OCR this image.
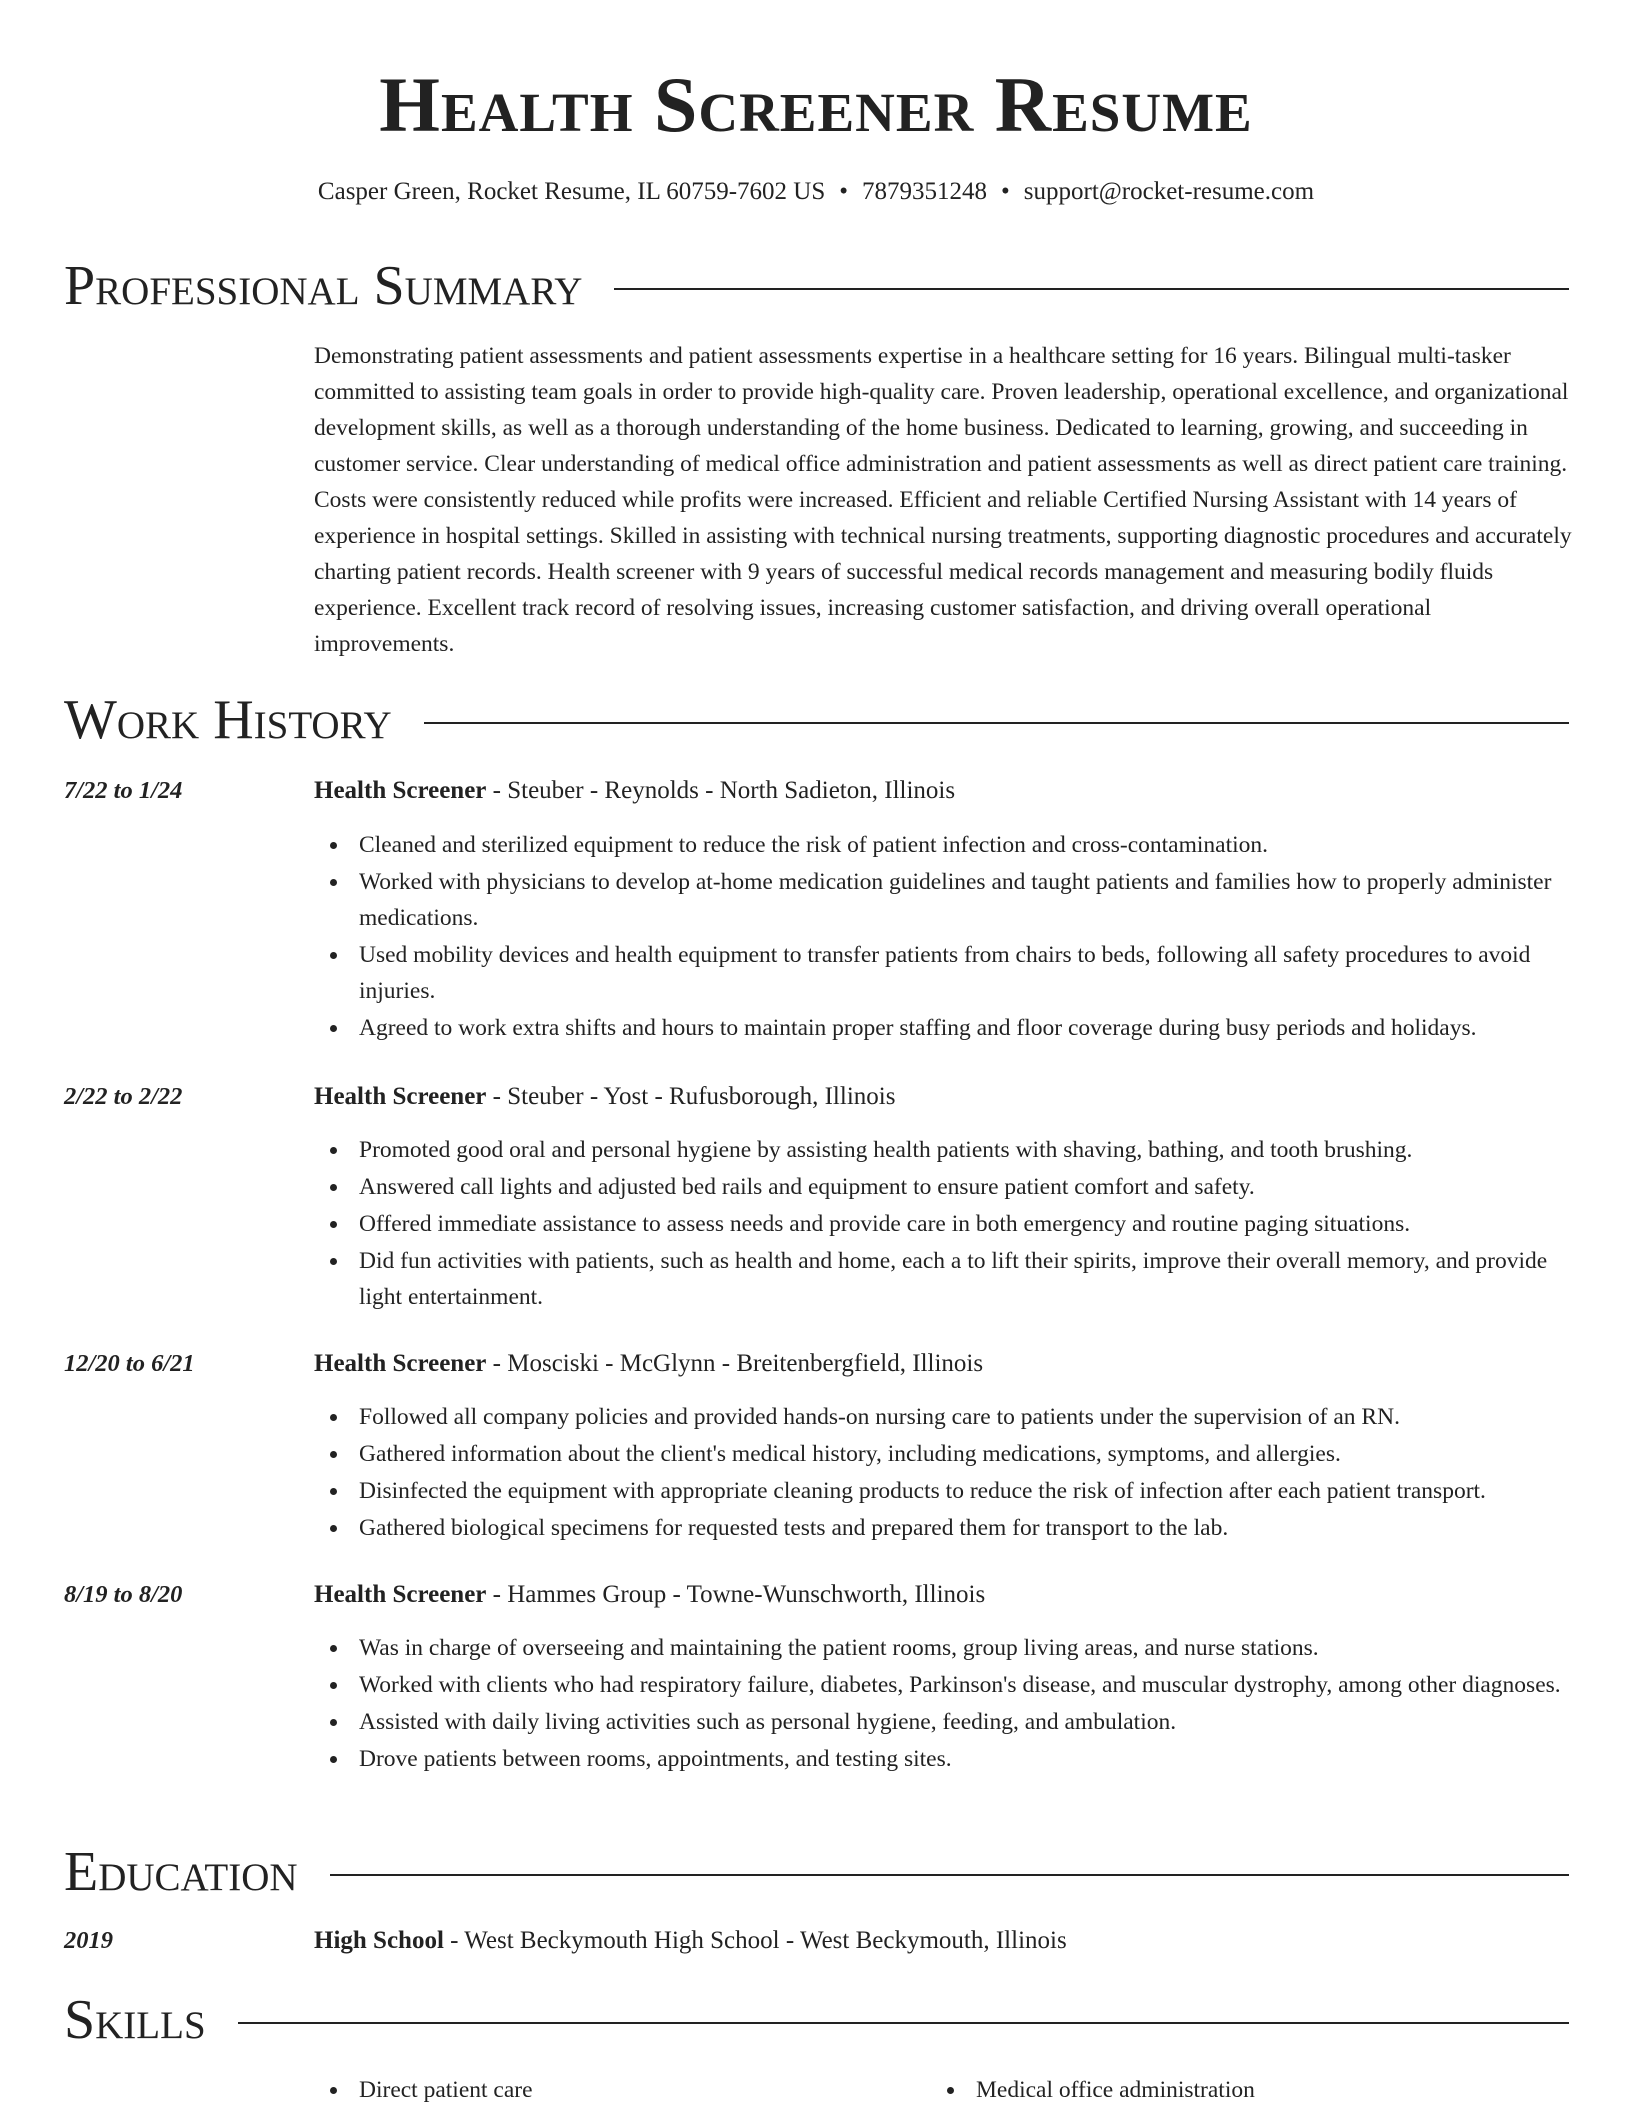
Health Screener Resume
Casper Green, Rocket Resume, IL 60759-7602 US • 7879351248 • support@rocket-resume.com
Professional Summary

Demonstrating patient assessments and patient assessments expertise in a healthcare setting for 16 years. Bilingual multi-tasker committed to assisting team goals in order to provide high-quality care. Proven leadership, operational excellence, and organizational development skills, as well as a thorough understanding of the home business. Dedicated to learning, growing, and succeeding in customer service. Clear understanding of medical office administration and patient assessments as well as direct patient care training. Costs were consistently reduced while profits were increased. Efficient and reliable Certified Nursing Assistant with 14 years of experience in hospital settings. Skilled in assisting with technical nursing treatments, supporting diagnostic procedures and accurately charting patient records. Health screener with 9 years of successful medical records management and measuring bodily fluids experience. Excellent track record of resolving issues, increasing customer satisfaction, and driving overall operational improvements.

Work History
7/22 to 1/24	Health Screener - Steuber - Reynolds - North Sadieton, Illinois
Cleaned and sterilized equipment to reduce the risk of patient infection and cross-contamination.
Worked with physicians to develop at-home medication guidelines and taught patients and families how to properly administer medications.
Used mobility devices and health equipment to transfer patients from chairs to beds, following all safety procedures to avoid injuries.
Agreed to work extra shifts and hours to maintain proper staffing and floor coverage during busy periods and holidays.
2/22 to 2/22	Health Screener - Steuber - Yost - Rufusborough, Illinois
Promoted good oral and personal hygiene by assisting health patients with shaving, bathing, and tooth brushing.
Answered call lights and adjusted bed rails and equipment to ensure patient comfort and safety.
Offered immediate assistance to assess needs and provide care in both emergency and routine paging situations.
Did fun activities with patients, such as health and home, each a to lift their spirits, improve their overall memory, and provide light entertainment.
12/20 to 6/21	Health Screener - Mosciski - McGlynn - Breitenbergfield, Illinois
Followed all company policies and provided hands-on nursing care to patients under the supervision of an RN.
Gathered information about the client's medical history, including medications, symptoms, and allergies.
Disinfected the equipment with appropriate cleaning products to reduce the risk of infection after each patient transport.
Gathered biological specimens for requested tests and prepared them for transport to the lab.
8/19 to 8/20	Health Screener - Hammes Group - Towne-Wunschworth, Illinois
Was in charge of overseeing and maintaining the patient rooms, group living areas, and nurse stations.
Worked with clients who had respiratory failure, diabetes, Parkinson's disease, and muscular dystrophy, among other diagnoses.
Assisted with daily living activities such as personal hygiene, feeding, and ambulation.
Drove patients between rooms, appointments, and testing sites.
Education
2019	High School - West Beckymouth High School - West Beckymouth, Illinois
Skills
Direct patient care	Medical office administration
